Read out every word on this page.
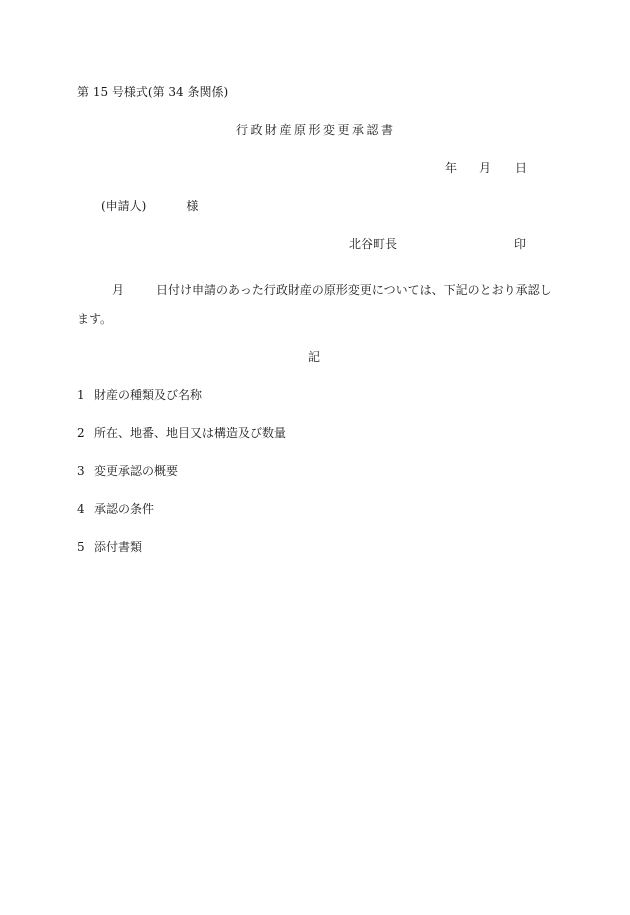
第 15 号様式(第 34 条関係)
行政財産原形変更承認書
年 月 日
(申請人)	様
北谷町長	印
月	日付け申請のあった行政財産の原形変更については、下記のとおり承認します。
記
1 財産の種類及び名称
2 所在、地番、地目又は構造及び数量
3 変更承認の概要
4 承認の条件
5 添付書類
